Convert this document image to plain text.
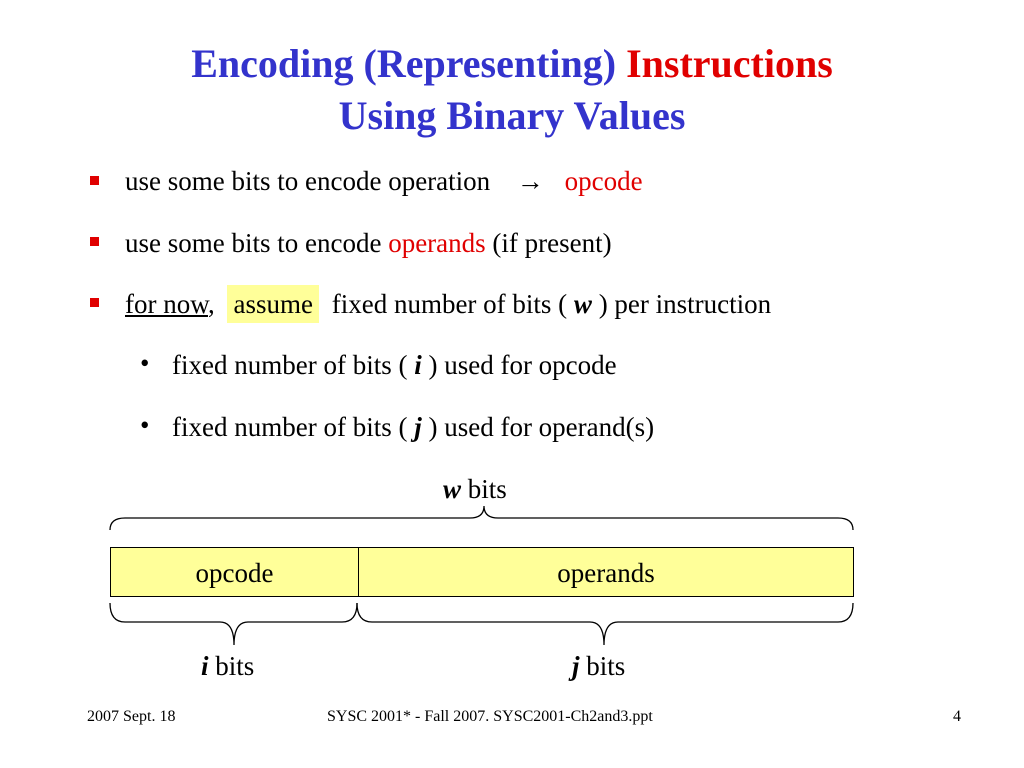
Encoding (Representing) Instructions
Using Binary Values
use some bits to encode operation → opcode
use some bits to encode operands (if present)
for now, assume fixed number of bits ( w ) per instruction
• fixed number of bits ( i ) used for opcode
• fixed number of bits ( j ) used for operand(s)
w bits
opcode	operands
i bits	j bits
2007 Sept. 18	SYSC 2001* - Fall 2007. SYSC2001-Ch2and3.ppt	4
